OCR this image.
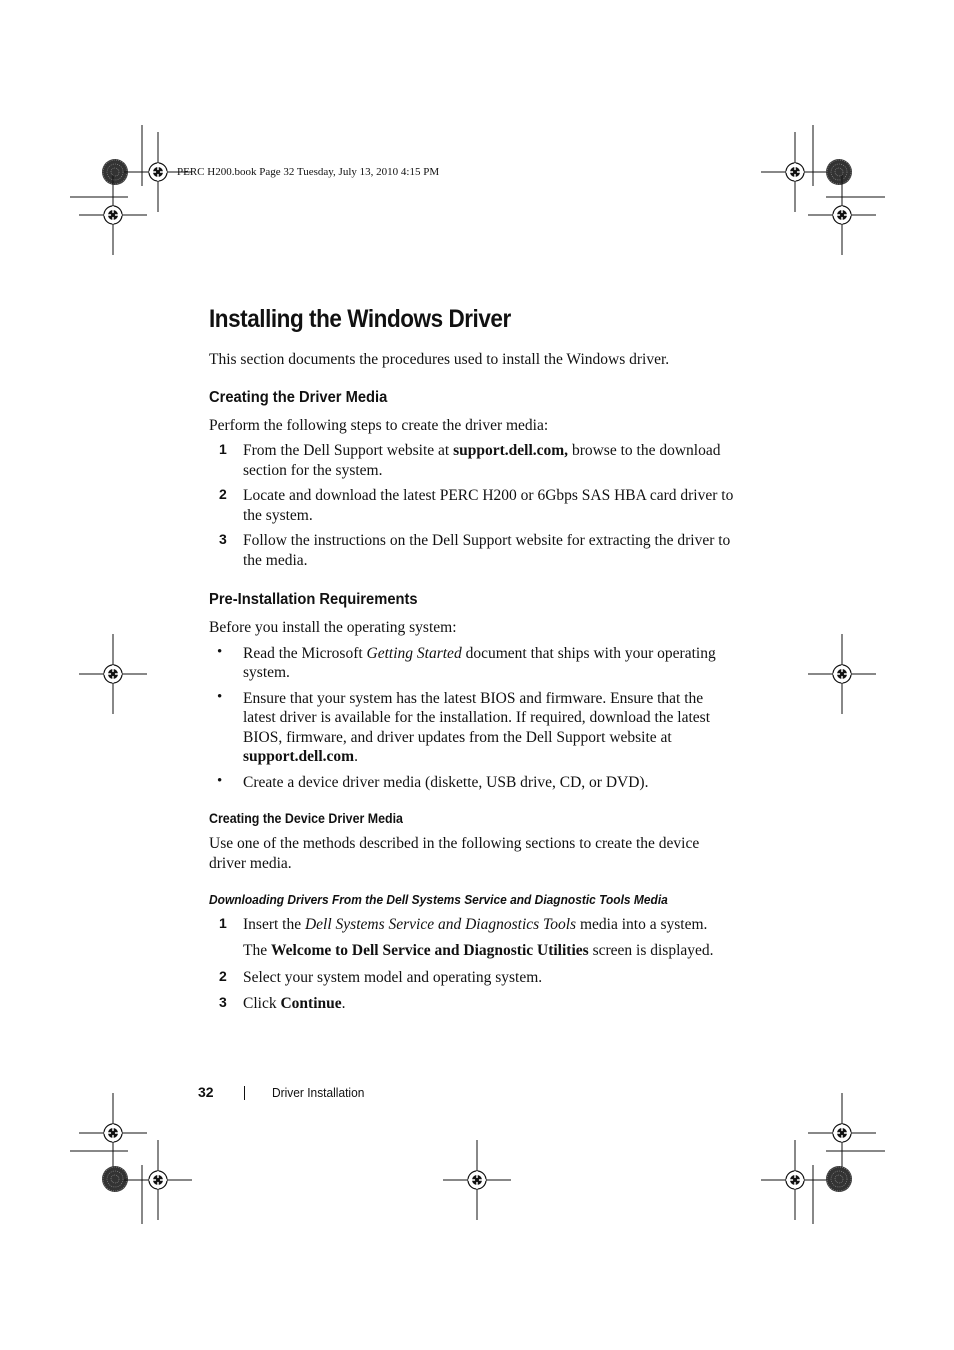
PERC H200.book Page 32 Tuesday, July 13, 2010 4:15 PM
Installing the Windows Driver

This section documents the procedures used to install the Windows driver.

Creating the Driver Media

Perform the following steps to create the driver media:

1 From the Dell Support website at support.dell.com, browse to the download section for the system.

2 Locate and download the latest PERC H200 or 6Gbps SAS HBA card driver to the system.

3 Follow the instructions on the Dell Support website for extracting the driver to the media.

Pre-Installation Requirements

Before you install the operating system:

• Read the Microsoft Getting Started document that ships with your operating system.

• Ensure that your system has the latest BIOS and firmware. Ensure that the latest driver is available for the installation. If required, download the latest BIOS, firmware, and driver updates from the Dell Support website at support.dell.com.

• Create a device driver media (diskette, USB drive, CD, or DVD).

Creating the Device Driver Media

Use one of the methods described in the following sections to create the device driver media.

Downloading Drivers From the Dell Systems Service and Diagnostic Tools Media
1 Insert the Dell Systems Service and Diagnostics Tools media into a system.

The Welcome to Dell Service and Diagnostic Utilities screen is displayed.

2 Select your system model and operating system.

3 Click Continue.

32	Driver Installation
